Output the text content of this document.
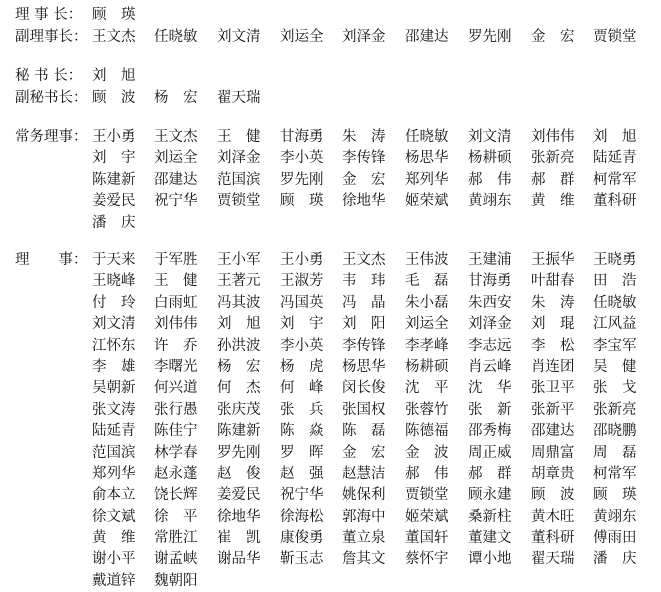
理 事 长： 顾　瑛
副理事长： 王文杰	任晓敏	刘文清	刘运全	刘泽金	邵建达	罗先刚	金　宏	贾锁堂
秘 书 长： 刘　旭
副秘书长： 顾　波	杨　宏	翟天瑞
常务理事： 王小勇	王文杰	王　健	甘海勇	朱　涛	任晓敏	刘文清	刘伟伟	刘　旭
刘　宇	刘运全	刘泽金	李小英	李传锋	杨思华	杨耕硕	张新亮	陆延青
陈建新	邵建达	范国滨	罗先刚	金　宏	郑列华	郝　伟	郝　群	柯常军
姜爱民	祝宁华	贾锁堂	顾　瑛	徐地华	姬荣斌	黄翊东	黄　维	董科研
潘　庆
理　　事： 于天来	于军胜	王小军	王小勇	王文杰	王伟波	王建浦	王振华	王晓勇
王晓峰	王　健	王著元	王淑芳	韦　玮	毛　磊	甘海勇	叶甜春	田　浩
付　玲	白雨虹	冯其波	冯国英	冯　晶	朱小磊	朱西安	朱　涛	任晓敏
刘文清	刘伟伟	刘　旭	刘　宇	刘　阳	刘运全	刘泽金	刘　琨	江风益
江怀东	许　乔	孙洪波	李小英	李传锋	李孝峰	李志远	李　松	李宝军
李　雄	李曙光	杨　宏	杨　虎	杨思华	杨耕硕	肖云峰	肖连团	吴　健
吴朝新	何兴道	何　杰	何　峰	闵长俊	沈　平	沈　华	张卫平	张　戈
张文涛	张行愚	张庆茂	张　兵	张国权	张蓉竹	张　新	张新平	张新亮
陆延青	陈佳宁	陈建新	陈　焱	陈　磊	陈德福	邵秀梅	邵建达	邵晓鹏
范国滨	林学春	罗先刚	罗　晖	金　宏	金　波	周正威	周鼎富	周　磊
郑列华	赵永蓬	赵　俊	赵　强	赵慧洁	郝　伟	郝　群	胡章贵	柯常军
俞本立	饶长辉	姜爱民	祝宁华	姚保利	贾锁堂	顾永建	顾　波	顾　瑛
徐文斌	徐　平	徐地华	徐海松	郭海中	姬荣斌	桑新柱	黄木旺	黄翊东
黄　维	常胜江	崔　凯	康俊勇	董立泉	董国轩	董建文	董科研	傅雨田
谢小平	谢孟峡	谢品华	靳玉志	詹其文	蔡怀宇	谭小地	翟天瑞	潘　庆
戴道锌	魏朝阳
